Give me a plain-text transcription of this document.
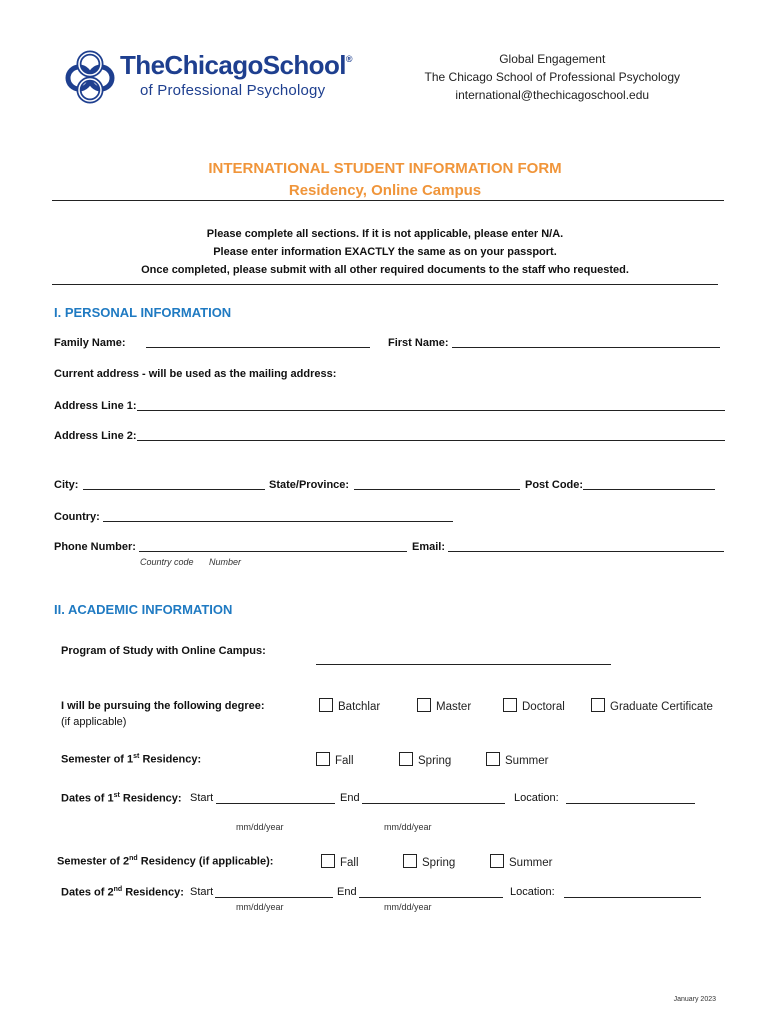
TheChicagoSchool®
of Professional Psychology
Global Engagement
The Chicago School of Professional Psychology
international@thechicagoschool.edu
INTERNATIONAL STUDENT INFORMATION FORM
Residency, Online Campus
Please complete all sections. If it is not applicable, please enter N/A.
Please enter information EXACTLY the same as on your passport.
Once completed, please submit with all other required documents to the staff who requested.
I. PERSONAL INFORMATION
Family Name:	First Name:
Current address - will be used as the mailing address:
Address Line 1:
Address Line 2:
City:	State/Province:	Post Code:
Country:
Phone Number:	Email:
Country code Number
II. ACADEMIC INFORMATION
Program of Study with Online Campus:
I will be pursuing the following degree:
(if applicable)
Batchlar	Master	Doctoral	Graduate Certificate
Semester of 1st Residency:	Fall	Spring	Summer
Dates of 1st Residency: Start	End	Location:
mm/dd/year	mm/dd/year
Semester of 2nd Residency (if applicable):	Fall	Spring	Summer
Dates of 2nd Residency: Start	End	Location:
mm/dd/year	mm/dd/year
January 2023
